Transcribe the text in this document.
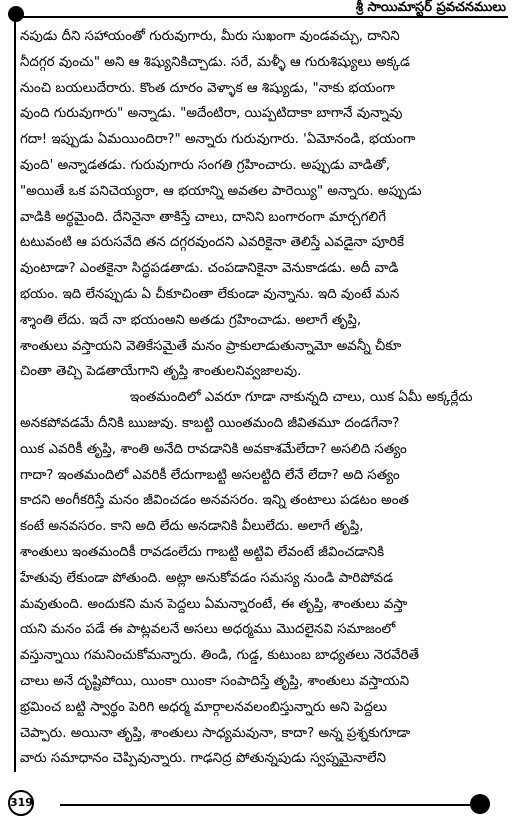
శ్రీ సాయిమాస్టర్ ప్రవచనములు
నపుడు దీని సహాయంతో గురువుగారు, మీరు సుఖంగా వుండవచ్చు, దానిని
నీదగ్గర వుంచు" అని ఆ శిష్యునికిచ్చాడు. సరే, మళ్ళీ ఆ గురుశిష్యులు అక్కడ
నుంచి బయలుదేరారు. కొంత దూరం వెళ్ళాక ఆ శిష్యుడు, "నాకు భయంగా
వుంది గురువుగారు" అన్నాడు. "అదేంటిరా, యిప్పటిదాకా బాగానే వున్నావు
గదా! ఇప్పుడు ఏమయిందిరా?" అన్నారు గురువుగారు. 'ఏమోనండి, భయంగా
వుంది' అన్నాడతడు. గురువుగారు సంగతి గ్రహించారు. అప్పుడు వాడితో,
"అయితే ఒక పనిచెయ్యరా, ఆ భయాన్ని అవతల పారెయ్యి" అన్నారు. అప్పుడు
వాడికి అర్థమైంది. దేనినైనా తాకిస్తే చాలు, దానిని బంగారంగా మార్చగలిగే
టటువంటి ఆ పరుసవేది తన దగ్గరవుందని ఎవరికైనా తెలిస్తే ఎవడైనా పూరికే
వుంటాడా? ఎంతకైనా సిద్ధపడతాడు. చంపడానికైనా వెనుకాడడు. అదీ వాడి
భయం. ఇది లేనప్పుడు ఏ చీకూచింతా లేకుండా వున్నాను. ఇది వుంటే మన
శ్శాంతి లేదు. ఇదే నా భయంఅని అతడు గ్రహించాడు. అలాగే తృప్తి,
శాంతులు వస్తాయని వెతికేసమైతే మనం ప్రాకులాడుతున్నామో అవన్నీ చీకూ
చింతా తెచ్చి పెడతాయేగాని తృప్తి శాంతులనివ్వజాలవు.
ఇంతమందిలో ఎవరూ గూడా నాకున్నది చాలు, యిక ఏమీ అక్కర్లేదు
అనకపోవడమే దీనికి ఋజువు. కాబట్టి యింతమంది జీవితమూ దండగేనా?
యిక ఎవరికీ తృప్తి, శాంతి అనేది రావడానికి అవకాశమేలేదా? అసలిది సత్యం
గాదా? ఇంతమందిలో ఎవరికీ లేదుగాబట్టి అసలట్టిది లేనే లేదా? అది సత్యం
కాదని అంగీకరిస్తే మనం జీవించడం అనవసరం. ఇన్ని తంటాలు పడటం అంత
కంటే అనవసరం. కాని అది లేదు అనడానికి వీలులేదు. అలాగే తృప్తి,
శాంతులు ఇంతమందికీ రావడంలేదు గాబట్టి అట్టివి లేవంటే జీవించడానికి
హేతువు లేకుండా పోతుంది. అట్లా అనుకోవడం సమస్య నుండి పారిపోవడ
మవుతుంది. అందుకని మన పెద్దలు ఏమన్నారంటే, ఈ తృప్తి, శాంతులు వస్తా
యని మనం పడే ఈ పాట్లవలనే అసలు అధర్మము మొదలైనవి సమాజంలో
వస్తున్నాయి గమనించుకోమన్నారు. తిండి, గుడ్డ, కుటుంబ బాధ్యతలు నెరవేరితే
చాలు అనే దృష్టిపోయి, యింకా యింకా సంపాదిస్తే తృప్తి, శాంతులు వస్తాయని
భ్రమించ బట్టి స్వార్థం పెరిగి అధర్మ మార్గాలనవలంబిస్తున్నారు అని పెద్దలు
చెప్పారు. అయినా తృప్తి, శాంతులు సాధ్యమవునా, కాదా? అన్న ప్రశ్నకుగూడా
వారు సమాధానం చెప్పివున్నారు. గాఢనిద్ర పోతున్నపుడు స్వప్నమైనాలేని
319
